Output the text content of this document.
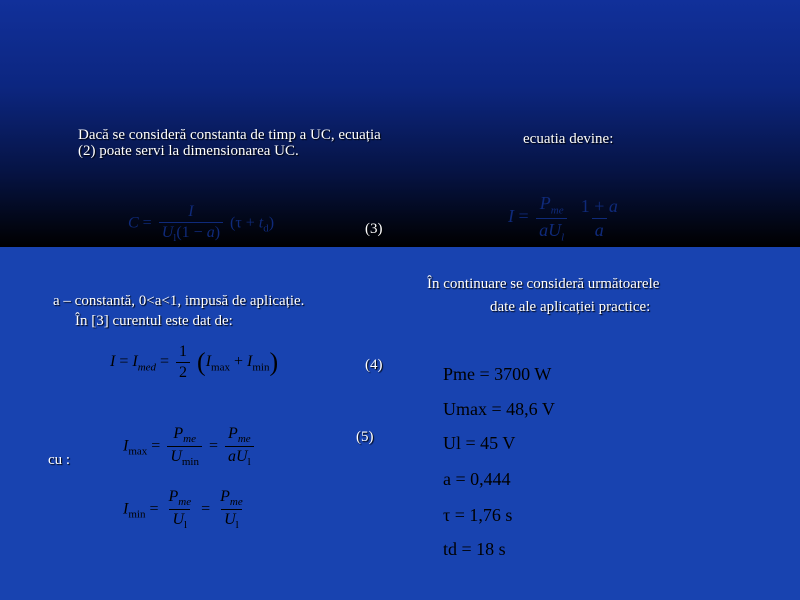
Dacă se consideră constanta de timp a UC, ecuația (2) poate servi la dimensionarea UC.
$C = \frac{I}{U_l(1 - a)} (\tau + t_d)$	(3)
a – constantă, 0<a<1, impusă de aplicație.
În [3] curentul este dat de:
$I = I_{med} = \frac{1}{2} (I_{max} + I_{min})$	(4)
cu :
$I_{max} = \frac{P_{me}}{U_{min}} = \frac{P_{me}}{aU_l}$	(5)
$I_{min} = \frac{P_{me}}{U_l} = \frac{P_{me}}{U_l}$
ecuatia devine:
$I = \frac{P_{me}}{aU_l}$
$\frac{1 + a}{a}$
În continuare se consideră următoarele
date ale aplicației practice:
Pme = 3700 W
Umax = 48,6 V
Ul = 45 V
a = 0,444
τ = 1,76 s
td = 18 s
